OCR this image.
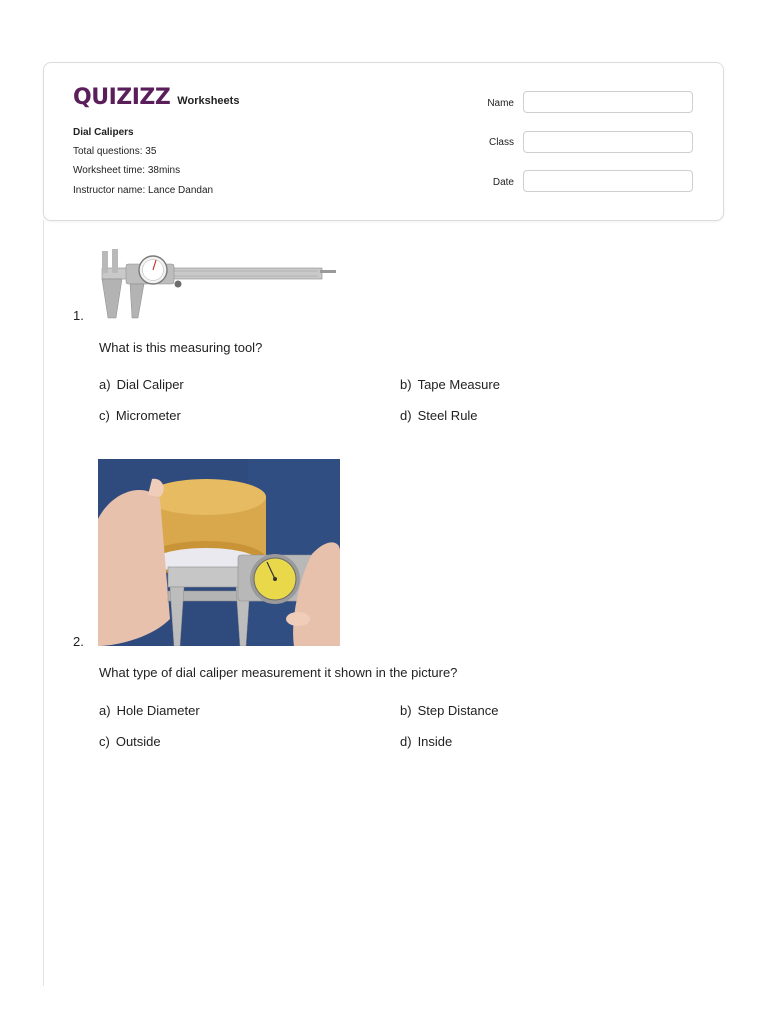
QUIZIZZ Worksheets
Dial Calipers
Total questions: 35
Worksheet time: 38mins
Instructor name: Lance Dandan
Name
Class
Date
1.
What is this measuring tool?
a) Dial Caliper	b) Tape Measure
c) Micrometer	d) Steel Rule
2.
What type of dial caliper measurement it shown in the picture?
a) Hole Diameter	b) Step Distance
c) Outside	d) Inside
